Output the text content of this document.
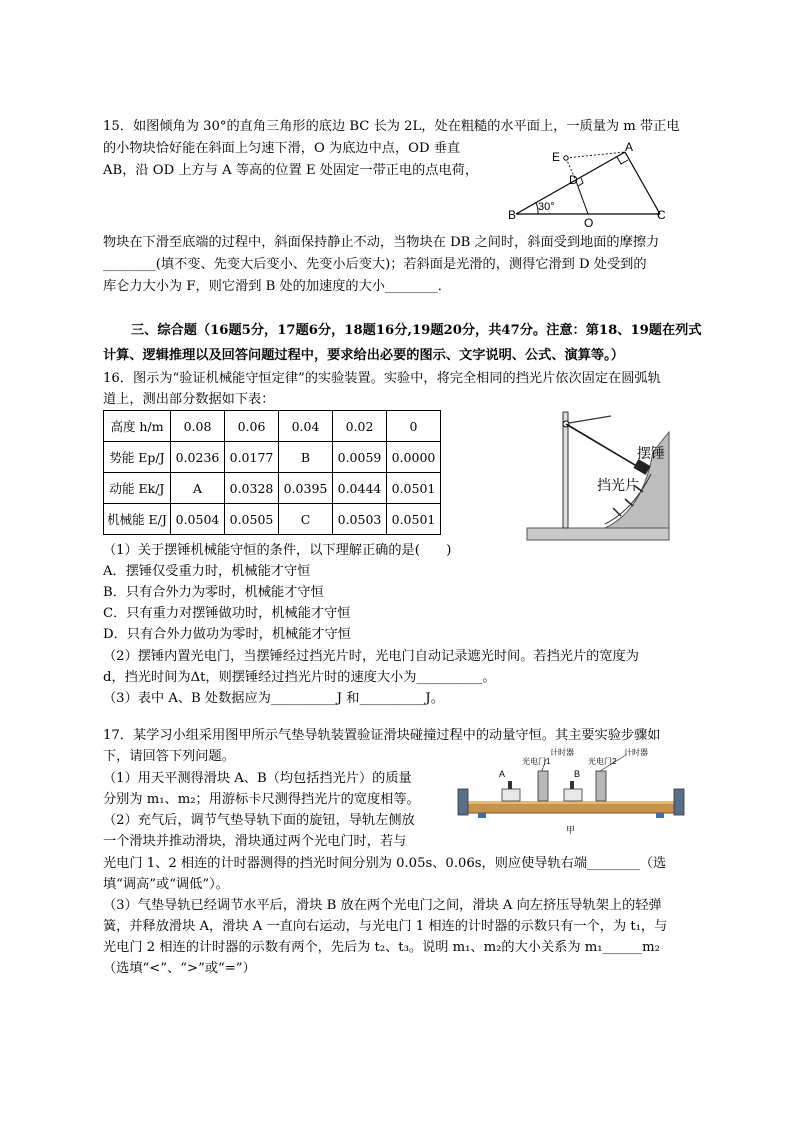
15．如图倾角为 30°的直角三角形的底边 BC 长为 2L，处在粗糙的水平面上，一质量为 m 带正电
的小物块恰好能在斜面上匀速下滑，O 为底边中点，OD 垂直
AB，沿 OD 上方与 A 等高的位置 E 处固定一带正电的点电荷，
E
A
D
B
O
C
30°
物块在下滑至底端的过程中，斜面保持静止不动，当物块在 DB 之间时，斜面受到地面的摩擦力
________(填不变、先变大后变小、先变小后变大)；若斜面是光滑的，测得它滑到 D 处受到的
库仑力大小为 F，则它滑到 B 处的加速度的大小________．
三、综合题（16题5分，17题6分，18题16分,19题20分，共47分。注意：第18、19题在列式
计算、逻辑推理以及回答问题过程中，要求给出必要的图示、文字说明、公式、演算等。）
16．图示为“验证机械能守恒定律”的实验装置。实验中，将完全相同的挡光片依次固定在圆弧轨
道上，测出部分数据如下表：
高度 h/m	0.08	0.06	0.04	0.02	0
势能 Ep/J	0.0236	0.0177	B	0.0059	0.0000
动能 Ek/J	A	0.0328	0.0395	0.0444	0.0501
机械能 E/J	0.0504	0.0505	C	0.0503	0.0501
摆锤
挡光片
（1）关于摆锤机械能守恒的条件，以下理解正确的是(　　)
A．摆锤仅受重力时，机械能才守恒
B．只有合外力为零时，机械能才守恒
C．只有重力对摆锤做功时，机械能才守恒
D．只有合外力做功为零时，机械能才守恒
（2）摆锤内置光电门，当摆锤经过挡光片时，光电门自动记录遮光时间。若挡光片的宽度为
d，挡光时间为Δt，则摆锤经过挡光片时的速度大小为__________。
（3）表中 A、B 处数据应为__________J 和__________J。
17．某学习小组采用图甲所示气垫导轨装置验证滑块碰撞过程中的动量守恒。其主要实验步骤如
下，请回答下列问题。
（1）用天平测得滑块 A、B（均包括挡光片）的质量
分别为 m₁、m₂；用游标卡尺测得挡光片的宽度相等。
（2）充气后，调节气垫导轨下面的旋钮，导轨左侧放
一个滑块并推动滑块，滑块通过两个光电门时，若与
A	B
光电门1
计时器
光电门2
计时器
甲
光电门 1、2 相连的计时器测得的挡光时间分别为 0.05s、0.06s，则应使导轨右端________（选
填“调高”或“调低”）。
（3）气垫导轨已经调节水平后，滑块 B 放在两个光电门之间，滑块 A 向左挤压导轨架上的轻弹
簧，并释放滑块 A，滑块 A 一直向右运动，与光电门 1 相连的计时器的示数只有一个，为 t₁，与
光电门 2 相连的计时器的示数有两个，先后为 t₂、t₃。说明 m₁、m₂的大小关系为 m₁______m₂
（选填“<”、“>”或“=”）
